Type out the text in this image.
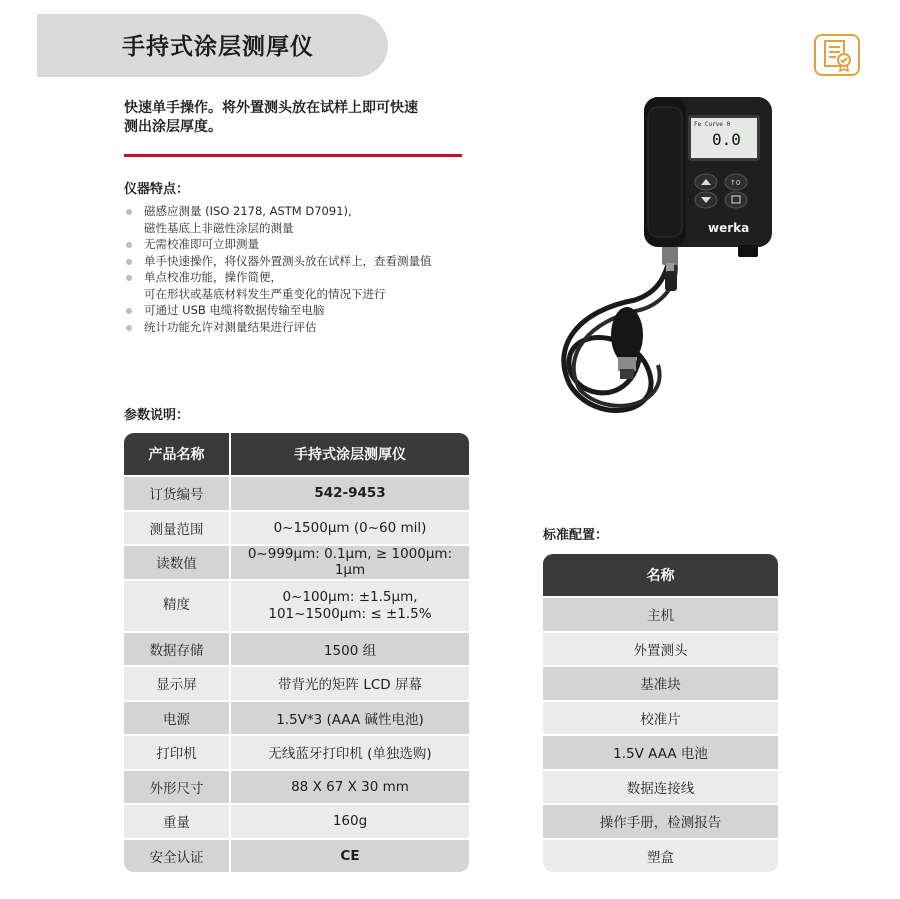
手持式涂层测厚仪
快速单手操作。将外置测头放在试样上即可快速
测出涂层厚度。
仪器特点：
磁感应测量 (ISO 2178, ASTM D7091),
磁性基底上非磁性涂层的测量
无需校准即可立即测量
单手快速操作，将仪器外置测头放在试样上，查看测量值
单点校准功能，操作简便，
可在形状或基底材料发生严重变化的情况下进行
可通过 USB 电缆将数据传输至电脑
统计功能允许对测量结果进行评估
Fe Curve 0
0.0
↑0
werka
参数说明：
产品名称	手持式涂层测厚仪
订货编号	542-9453
测量范围	0~1500μm (0~60 mil)
读数值	0~999μm: 0.1μm, ≥ 1000μm: 1μm
精度	0~100μm: ±1.5μm,
101~1500μm: ≤ ±1.5%

数据存储	1500 组
显示屏	带背光的矩阵 LCD 屏幕
电源	1.5V*3 (AAA 碱性电池)
打印机	无线蓝牙打印机 (单独选购)
外形尺寸	88 X 67 X 30 mm
重量	160g
安全认证	CE
标准配置：
名称
主机
外置测头
基准块
校准片
1.5V AAA 电池
数据连接线
操作手册，检测报告
塑盒
